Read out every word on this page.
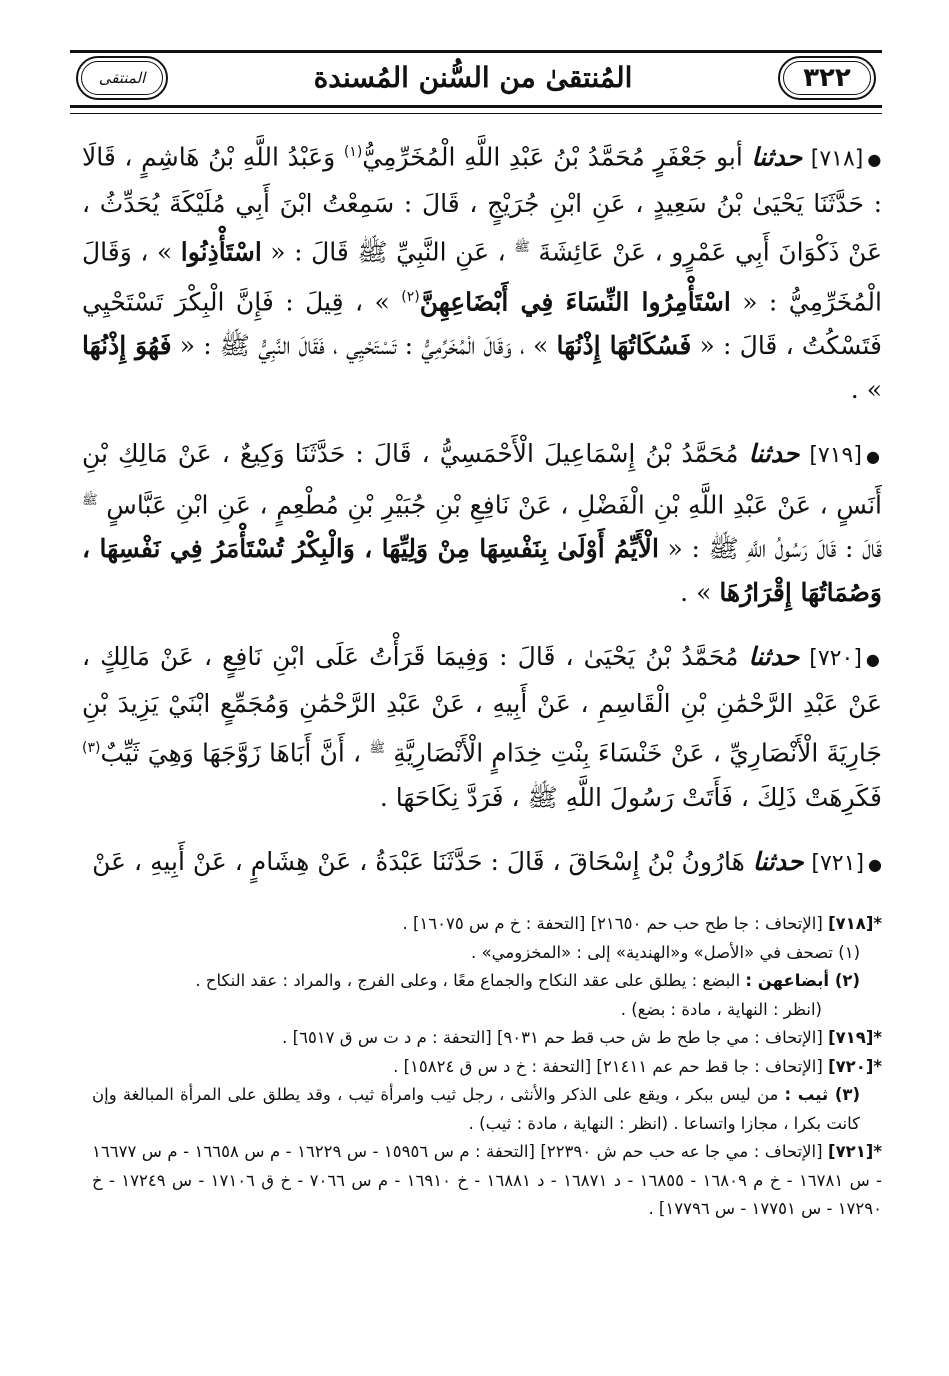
المنتقى	المُنتقىٰ من السُّنن المُسندة	٣٢٢

●[٧١٨] حدثنا أبو جَعْفَرٍ مُحَمَّدُ بْنُ عَبْدِ اللَّهِ الْمُخَرِّمِيُّ$^{(١)}$ وَعَبْدُ اللَّهِ بْنُ هَاشِمٍ ، قَالَا : حَدَّثَنَا يَحْيَىٰ بْنُ سَعِيدٍ ، عَنِ ابْنِ جُرَيْجٍ ، قَالَ : سَمِعْتُ ابْنَ أَبِي مُلَيْكَةَ يُحَدِّثُ ، عَنْ ذَكْوَانَ أَبِي عَمْرٍو ، عَنْ عَائِشَةَ $^ﷺ$ ، عَنِ النَّبِيِّ ﷺ قَالَ : « اسْتَأْذِنُوا » ، وَقَالَ الْمُخَرِّمِيُّ : « اسْتَأْمِرُوا النِّسَاءَ فِي أَبْضَاعِهِنَّ$^{(٢)}$ » ، قِيلَ : فَإِنَّ الْبِكْرَ تَسْتَحْيِي فَتَسْكُتُ ، قَالَ : « فَسُكَاتُهَا إِذْنُهَا » ، وَقَالَ الْمُخَرِّمِيُّ : تَسْتَحْيِي ، فَقَالَ النَّبِيُّ ﷺ : « فَهُوَ إِذْنُهَا » .

●[٧١٩] حدثنا مُحَمَّدُ بْنُ إِسْمَاعِيلَ الْأَحْمَسِيُّ ، قَالَ : حَدَّثَنَا وَكِيعٌ ، عَنْ مَالِكِ بْنِ أَنَسٍ ، عَنْ عَبْدِ اللَّهِ بْنِ الْفَضْلِ ، عَنْ نَافِعِ بْنِ جُبَيْرِ بْنِ مُطْعِمٍ ، عَنِ ابْنِ عَبَّاسٍ $^ﷺ$ قَالَ : قَالَ رَسُولُ اللَّهِ ﷺ : « الْأَيِّمُ أَوْلَىٰ بِنَفْسِهَا مِنْ وَلِيِّهَا ، وَالْبِكْرُ تُسْتَأْمَرُ فِي نَفْسِهَا ، وَصُمَاتُهَا إِقْرَارُهَا » .

●[٧٢٠] حدثنا مُحَمَّدُ بْنُ يَحْيَىٰ ، قَالَ : وَفِيمَا قَرَأْتُ عَلَى ابْنِ نَافِعٍ ، عَنْ مَالِكٍ ، عَنْ عَبْدِ الرَّحْمَٰنِ بْنِ الْقَاسِمِ ، عَنْ أَبِيهِ ، عَنْ عَبْدِ الرَّحْمَٰنِ وَمُجَمِّعٍ ابْنَيْ يَزِيدَ بْنِ جَارِيَةَ الْأَنْصَارِيِّ ، عَنْ خَنْسَاءَ بِنْتِ خِدَامٍ الْأَنْصَارِيَّةِ $^ﷺ$ ، أَنَّ أَبَاهَا زَوَّجَهَا وَهِيَ ثَيِّبٌ$^{(٣)}$ فَكَرِهَتْ ذَلِكَ ، فَأَتَتْ رَسُولَ اللَّهِ ﷺ ، فَرَدَّ نِكَاحَهَا .

●[٧٢١] حدثنا هَارُونُ بْنُ إِسْحَاقَ ، قَالَ : حَدَّثَنَا عَبْدَةُ ، عَنْ هِشَامٍ ، عَنْ أَبِيهِ ، عَنْ

*[٧١٨] [الإتحاف : جا طح حب حم ٢١٦٥٠] [التحفة : خ م س ١٦٠٧٥] .

(١) تصحف في «الأصل» و«الهندية» إلى : «المخزومي» .

(٢) أبضاعهن : البضع : يطلق على عقد النكاح والجماع معًا ، وعلى الفرج ، والمراد : عقد النكاح .

(انظر : النهاية ، مادة : بضع) .

*[٧١٩] [الإتحاف : مي جا طح ط ش حب قط حم ٩٠٣١] [التحفة : م د ت س ق ٦٥١٧] .

*[٧٢٠] [الإتحاف : جا قط حم عم ٢١٤١١] [التحفة : خ د س ق ١٥٨٢٤] .

(٣) ثيب : من ليس ببكر ، ويقع على الذكر والأنثى ، رجل ثيب وامرأة ثيب ، وقد يطلق على المرأة المبالغة وإن كانت بكرا ، مجازا واتساعا . (انظر : النهاية ، مادة : ثيب) .

*[٧٢١] [الإتحاف : مي جا عه حب حم ش ٢٢٣٩٠] [التحفة : م س ١٥٩٥٦ - س ١٦٢٢٩ - م س ١٦٦٥٨ - م س ١٦٦٧٧ - س ١٦٧٨١ - خ م ١٦٨٠٩ - ١٦٨٥٥ - د ١٦٨٧١ - د ١٦٨٨١ - خ ١٦٩١٠ - م س ٧٠٦٦ - خ ق ١٧١٠٦ - س ١٧٢٤٩ - خ ١٧٢٩٠ - س ١٧٧٥١ - س ١٧٧٩٦] .
